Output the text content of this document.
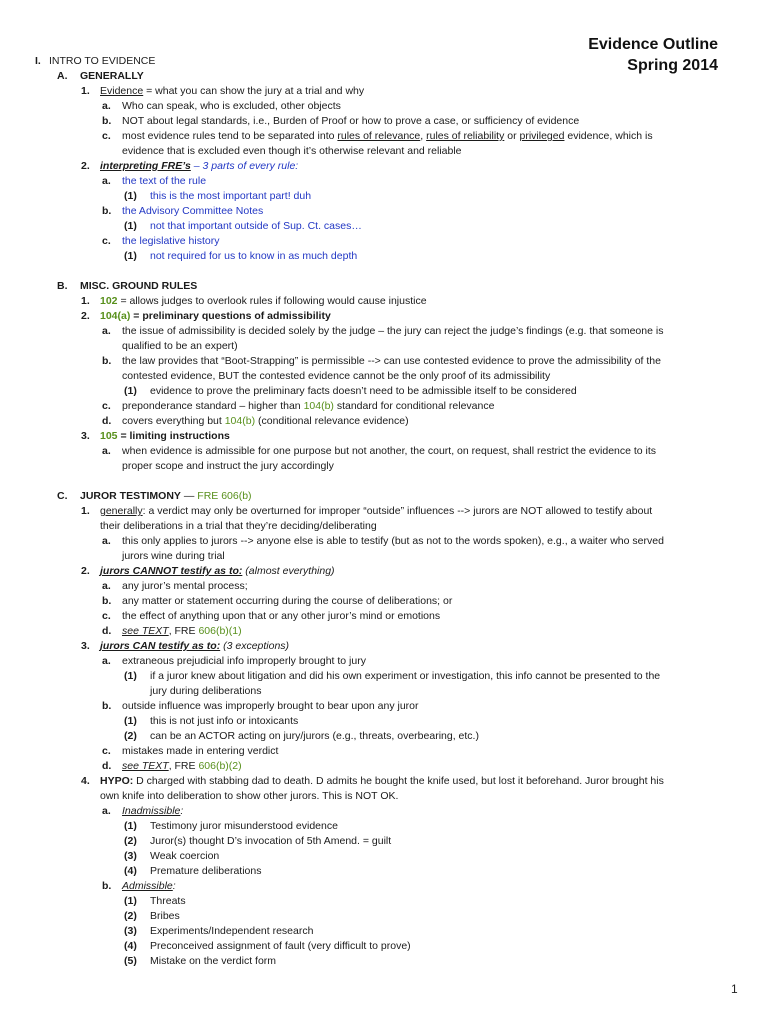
Evidence Outline
Spring 2014
I. INTRO TO EVIDENCE
A. GENERALLY
1. Evidence = what you can show the jury at a trial and why
a. Who can speak, who is excluded, other objects
b. NOT about legal standards, i.e., Burden of Proof or how to prove a case, or sufficiency of evidence
c. most evidence rules tend to be separated into rules of relevance, rules of reliability or privileged evidence, which is
evidence that is excluded even though it’s otherwise relevant and reliable
2. interpreting FRE’s – 3 parts of every rule:
a. the text of the rule
(1) this is the most important part! duh
b. the Advisory Committee Notes
(1) not that important outside of Sup. Ct. cases…
c. the legislative history
(1) not required for us to know in as much depth
B. MISC. GROUND RULES
1. 102 = allows judges to overlook rules if following would cause injustice
2. 104(a) = preliminary questions of admissibility
a. the issue of admissibility is decided solely by the judge – the jury can reject the judge’s findings (e.g. that someone is
qualified to be an expert)
b. the law provides that “Boot-Strapping” is permissible --> can use contested evidence to prove the admissibility of the
contested evidence, BUT the contested evidence cannot be the only proof of its admissibility
(1) evidence to prove the preliminary facts doesn’t need to be admissible itself to be considered
c. preponderance standard – higher than 104(b) standard for conditional relevance
d. covers everything but 104(b) (conditional relevance evidence)
3. 105 = limiting instructions
a. when evidence is admissible for one purpose but not another, the court, on request, shall restrict the evidence to its
proper scope and instruct the jury accordingly
C. JUROR TESTIMONY — FRE 606(b)
1. generally: a verdict may only be overturned for improper “outside” influences --> jurors are NOT allowed to testify about
their deliberations in a trial that they’re deciding/deliberating
a. this only applies to jurors --> anyone else is able to testify (but as not to the words spoken), e.g., a waiter who served
jurors wine during trial
2. jurors CANNOT testify as to: (almost everything)
a. any juror’s mental process;
b. any matter or statement occurring during the course of deliberations; or
c. the effect of anything upon that or any other juror’s mind or emotions
d. see TEXT, FRE 606(b)(1)
3. jurors CAN testify as to: (3 exceptions)
a. extraneous prejudicial info improperly brought to jury
(1) if a juror knew about litigation and did his own experiment or investigation, this info cannot be presented to the
jury during deliberations
b. outside influence was improperly brought to bear upon any juror
(1) this is not just info or intoxicants
(2) can be an ACTOR acting on jury/jurors (e.g., threats, overbearing, etc.)
c. mistakes made in entering verdict
d. see TEXT, FRE 606(b)(2)
4. HYPO: D charged with stabbing dad to death. D admits he bought the knife used, but lost it beforehand. Juror brought his
own knife into deliberation to show other jurors. This is NOT OK.
a. Inadmissible:
(1) Testimony juror misunderstood evidence
(2) Juror(s) thought D’s invocation of 5th Amend. = guilt
(3) Weak coercion
(4) Premature deliberations
b. Admissible:
(1) Threats
(2) Bribes
(3) Experiments/Independent research
(4) Preconceived assignment of fault (very difficult to prove)
(5) Mistake on the verdict form
1
